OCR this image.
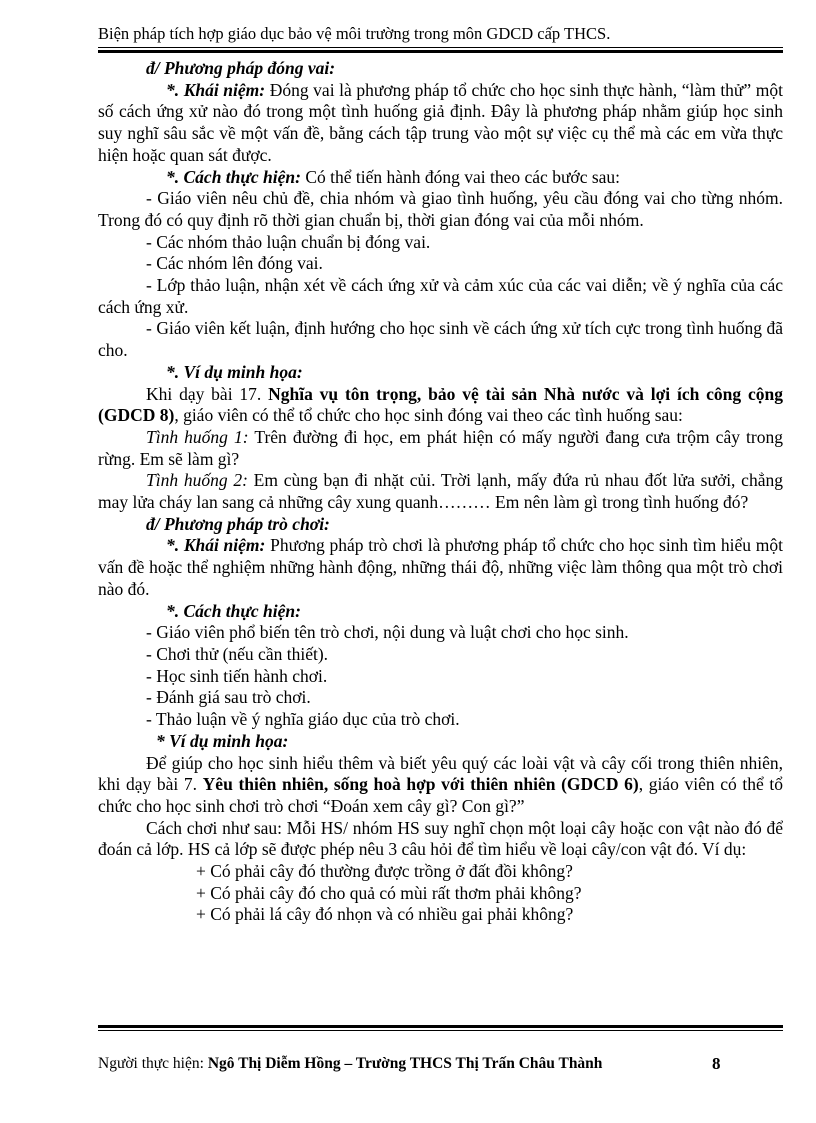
Biện pháp tích hợp giáo dục bảo vệ môi trường trong môn GDCD cấp THCS.

đ/ Phương pháp đóng vai:

*. Khái niệm: Đóng vai là phương pháp tổ chức cho học sinh thực hành, “làm thử” một số cách ứng xử nào đó trong một tình huống giả định. Đây là phương pháp nhằm giúp học sinh suy nghĩ sâu sắc về một vấn đề, bằng cách tập trung vào một sự việc cụ thể mà các em vừa thực hiện hoặc quan sát được.

*. Cách thực hiện: Có thể tiến hành đóng vai theo các bước sau:

- Giáo viên nêu chủ đề, chia nhóm và giao tình huống, yêu cầu đóng vai cho từng nhóm. Trong đó có quy định rõ thời gian chuẩn bị, thời gian đóng vai của mỗi nhóm.

- Các nhóm thảo luận chuẩn bị đóng vai.

- Các nhóm lên đóng vai.

- Lớp thảo luận, nhận xét về cách ứng xử và cảm xúc của các vai diễn; về ý nghĩa của các cách ứng xử.

- Giáo viên kết luận, định hướng cho học sinh về cách ứng xử tích cực trong tình huống đã cho.

*. Ví dụ minh họa:

Khi dạy bài 17. Nghĩa vụ tôn trọng, bảo vệ tài sản Nhà nước và lợi ích công cộng (GDCD 8), giáo viên có thể tổ chức cho học sinh đóng vai theo các tình huống sau:

Tình huống 1: Trên đường đi học, em phát hiện có mấy người đang cưa trộm cây trong rừng. Em sẽ làm gì?

Tình huống 2: Em cùng bạn đi nhặt củi. Trời lạnh, mấy đứa rủ nhau đốt lửa sưởi, chẳng may lửa cháy lan sang cả những cây xung quanh……… Em nên làm gì trong tình huống đó?

đ/ Phương pháp trò chơi:

*. Khái niệm: Phương pháp trò chơi là phương pháp tổ chức cho học sinh tìm hiểu một vấn đề hoặc thể nghiệm những hành động, những thái độ, những việc làm thông qua một trò chơi nào đó.

*. Cách thực hiện:

- Giáo viên phổ biến tên trò chơi, nội dung và luật chơi cho học sinh.

- Chơi thử (nếu cần thiết).

- Học sinh tiến hành chơi.

- Đánh giá sau trò chơi.

- Thảo luận về ý nghĩa giáo dục của trò chơi.

* Ví dụ minh họa:

Để giúp cho học sinh hiểu thêm và biết yêu quý các loài vật và cây cối trong thiên nhiên, khi dạy bài 7. Yêu thiên nhiên, sống hoà hợp với thiên nhiên (GDCD 6), giáo viên có thể tổ chức cho học sinh chơi trò chơi “Đoán xem cây gì? Con gì?”

Cách chơi như sau: Mỗi HS/ nhóm HS suy nghĩ chọn một loại cây hoặc con vật nào đó để đoán cả lớp. HS cả lớp sẽ được phép nêu 3 câu hỏi để tìm hiểu về loại cây/con vật đó. Ví dụ:

+ Có phải cây đó thường được trồng ở đất đồi không?

+ Có phải cây đó cho quả có mùi rất thơm phải không?

+ Có phải lá cây đó nhọn và có nhiều gai phải không?

Người thực hiện: Ngô Thị Diễm Hồng – Trường THCS Thị Trấn Châu Thành	8
